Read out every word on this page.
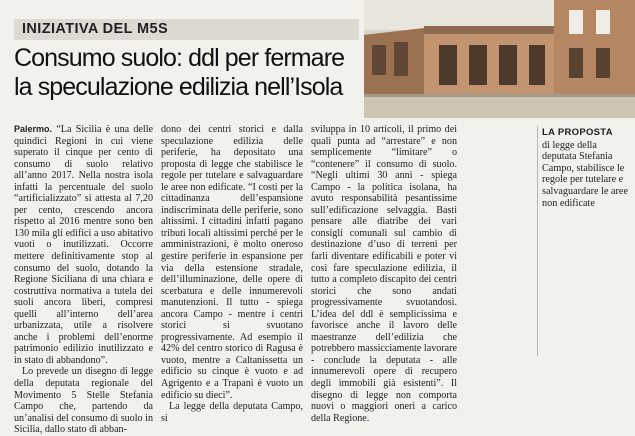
INIZIATIVA DEL M5S
Consumo suolo: ddl per fermare
la speculazione edilizia nell’Isola

Palermo. “La Sicilia è una delle quindici Regioni in cui viene superato il cinque per cento di consumo di suolo relativo all’anno 2017. Nella nostra isola infatti la percentuale del suolo “artificializzato” si attesta al 7,20 per cento, crescendo ancora rispetto al 2016 mentre sono ben 130 mila gli edifici a uso abitativo vuoti o inutilizzati. Occorre mettere definitivamente stop al consumo del suolo, dotando la Regione Siciliana di una chiara e costruttiva normativa a tutela dei suoli ancora liberi, compresi quelli all’interno dell’area urbanizzata, utile a risolvere anche i problemi dell’enorme patrimonio edilizio inutilizzato e in stato di abbandono”.

Lo prevede un disegno di legge della deputata regionale del Movimento 5 Stelle Stefania Campo che, partendo da un’analisi del consumo di suolo in Sicilia, dallo stato di abban-

dono dei centri storici e dalla speculazione edilizia delle periferie, ha depositato una proposta di legge che stabilisce le regole per tutelare e salvaguardare le aree non edificate. “I costi per la cittadinanza dell’espansione indiscriminata delle periferie, sono altissimi. I cittadini infatti pagano tributi locali altissimi perché per le amministrazioni, è molto oneroso gestire periferie in espansione per via della estensione stradale, dell’illuminazione, delle opere di scerbatura e delle innumerevoli manutenzioni. Il tutto - spiega ancora Campo - mentre i centri storici si svuotano progressivamente. Ad esempio il 42% del centro storico di Ragusa è vuoto, mentre a Caltanissetta un edificio su cinque è vuoto e ad Agrigento e a Trapani è vuoto un edificio su dieci”.

La legge della deputata Campo, si

sviluppa in 10 articoli, il primo dei quali punta ad “arrestare” e non semplicemente “limitare” o “contenere” il consumo di suolo. “Negli ultimi 30 anni - spiega Campo - la politica isolana, ha avuto responsabilità pesantissime sull’edificazione selvaggia. Basti pensare alle diatribe dei vari consigli comunali sul cambio di destinazione d’uso di terreni per farli diventare edificabili e poter vi così fare speculazione edilizia, il tutto a completo discapito dei centri storici che sono andati progressivamente svuotandosi. L’idea del ddl è semplicissima e favorisce anche il lavoro delle maestranze dell’edilizia che potrebbero massicciamente lavorare - conclude la deputata - alle innumerevoli opere di recupero degli immobili già esistenti”. Il disegno di legge non comporta nuovi o maggiori oneri a carico della Regione.

LA PROPOSTA
di legge della deputata Stefania Campo, stabilisce le regole per tutelare e salvaguardare le aree non edificate
